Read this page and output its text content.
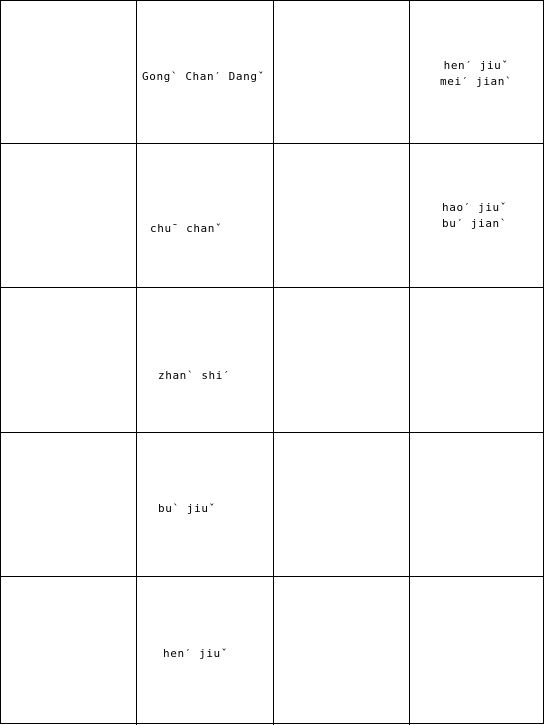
Gong` Chan′ Dangˇ
hen′ jiuˇ
mei′ jian`
chuˉ chanˇ
hao′ jiuˇ
bu′ jian`
zhan` shi′
bu` jiuˇ
hen′ jiuˇ
